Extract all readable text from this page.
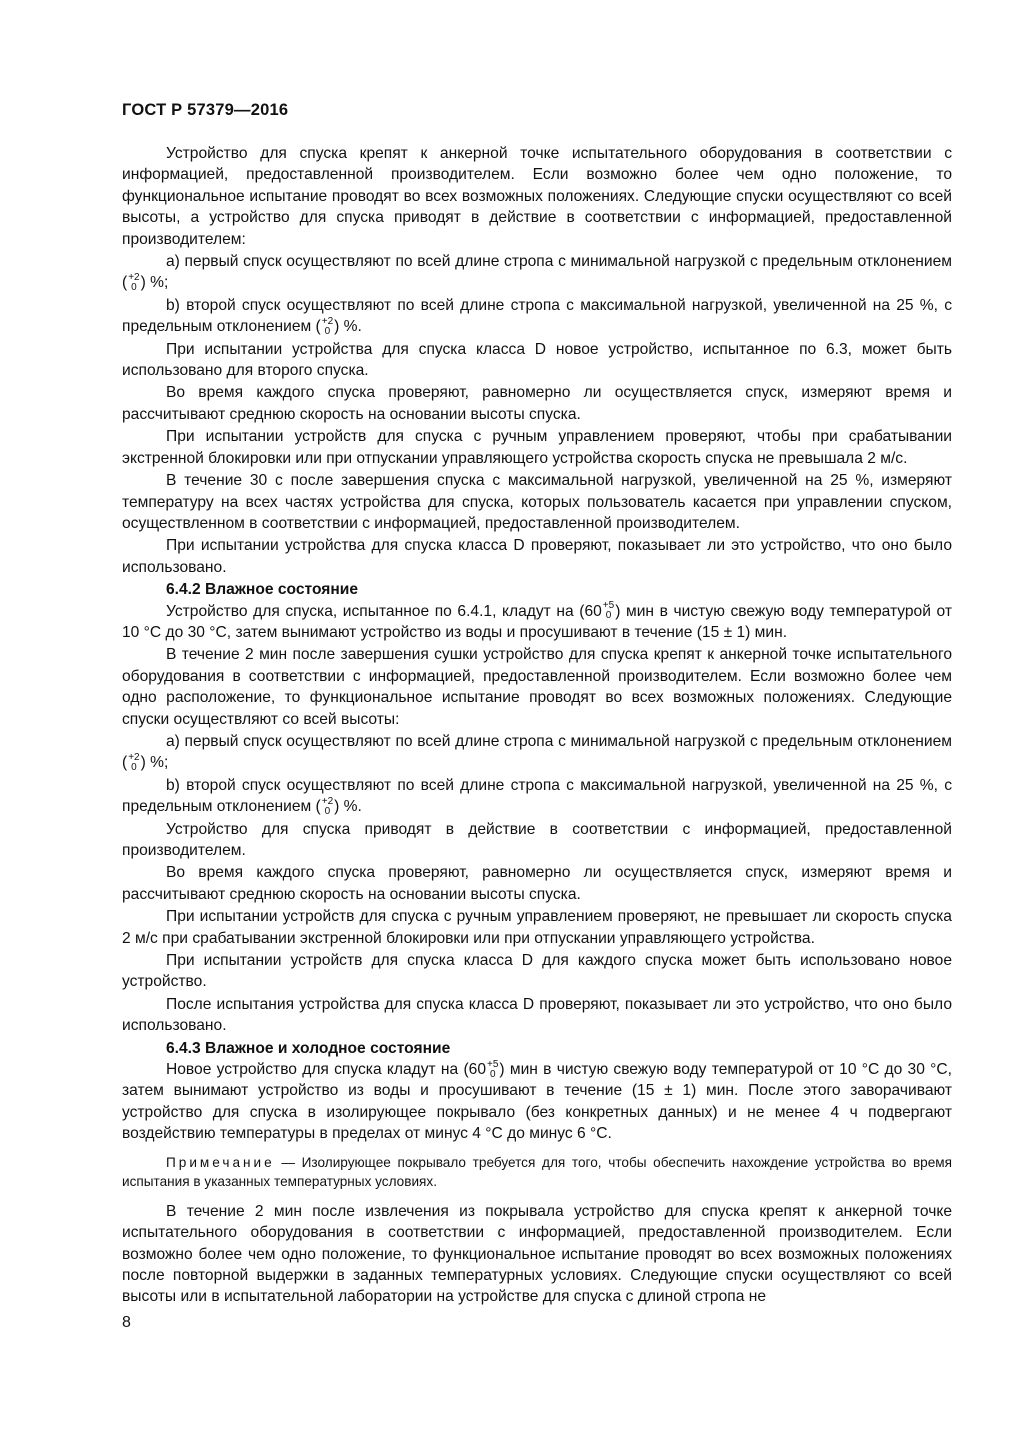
ГОСТ Р 57379—2016

Устройство для спуска крепят к анкерной точке испытательного оборудования в соответствии с информацией, предоставленной производителем. Если возможно более чем одно положение, то функциональное испытание проводят во всех возможных положениях. Следующие спуски осуществляют со всей высоты, а устройство для спуска приводят в действие в соответствии с информацией, предоставленной производителем:

а) первый спуск осуществляют по всей длине стропа с минимальной нагрузкой с предельным отклонением ( +2
0 ) %;

b) второй спуск осуществляют по всей длине стропа с максимальной нагрузкой, увеличенной на 25 %, с предельным отклонением ( +2
0 ) %.

При испытании устройства для спуска класса D новое устройство, испытанное по 6.3, может быть использовано для второго спуска.

Во время каждого спуска проверяют, равномерно ли осуществляется спуск, измеряют время и рассчитывают среднюю скорость на основании высоты спуска.

При испытании устройств для спуска с ручным управлением проверяют, чтобы при срабатывании экстренной блокировки или при отпускании управляющего устройства скорость спуска не превышала 2 м/с.

В течение 30 с после завершения спуска с максимальной нагрузкой, увеличенной на 25 %, измеряют температуру на всех частях устройства для спуска, которых пользователь касается при управлении спуском, осуществленном в соответствии с информацией, предоставленной производителем.

При испытании устройства для спуска класса D проверяют, показывает ли это устройство, что оно было использовано.

6.4.2 Влажное состояние

Устройство для спуска, испытанное по 6.4.1, кладут на (60 +5
0 ) мин в чистую свежую воду температурой от 10 °С до 30 °С, затем вынимают устройство из воды и просушивают в течение (15 ± 1) мин.

В течение 2 мин после завершения сушки устройство для спуска крепят к анкерной точке испытательного оборудования в соответствии с информацией, предоставленной производителем. Если возможно более чем одно расположение, то функциональное испытание проводят во всех возможных положениях. Следующие спуски осуществляют со всей высоты:

а) первый спуск осуществляют по всей длине стропа с минимальной нагрузкой с предельным отклонением ( +2
0 ) %;

b) второй спуск осуществляют по всей длине стропа с максимальной нагрузкой, увеличенной на 25 %, с предельным отклонением ( +2
0 ) %.

Устройство для спуска приводят в действие в соответствии с информацией, предоставленной производителем.

Во время каждого спуска проверяют, равномерно ли осуществляется спуск, измеряют время и рассчитывают среднюю скорость на основании высоты спуска.

При испытании устройств для спуска с ручным управлением проверяют, не превышает ли скорость спуска 2 м/с при срабатывании экстренной блокировки или при отпускании управляющего устройства.

При испытании устройств для спуска класса D для каждого спуска может быть использовано новое устройство.

После испытания устройства для спуска класса D проверяют, показывает ли это устройство, что оно было использовано.

6.4.3 Влажное и холодное состояние

Новое устройство для спуска кладут на (60 +5
0 ) мин в чистую свежую воду температурой от 10 °С до 30 °С, затем вынимают устройство из воды и просушивают в течение (15 ± 1) мин. После этого заворачивают устройство для спуска в изолирующее покрывало (без конкретных данных) и не менее 4 ч подвергают воздействию температуры в пределах от минус 4 °С до минус 6 °С.

Примечание — Изолирующее покрывало требуется для того, чтобы обеспечить нахождение устройства во время испытания в указанных температурных условиях.

В течение 2 мин после извлечения из покрывала устройство для спуска крепят к анкерной точке испытательного оборудования в соответствии с информацией, предоставленной производителем. Если возможно более чем одно положение, то функциональное испытание проводят во всех возможных положениях после повторной выдержки в заданных температурных условиях. Следующие спуски осуществляют со всей высоты или в испытательной лаборатории на устройстве для спуска с длиной стропа не

8
